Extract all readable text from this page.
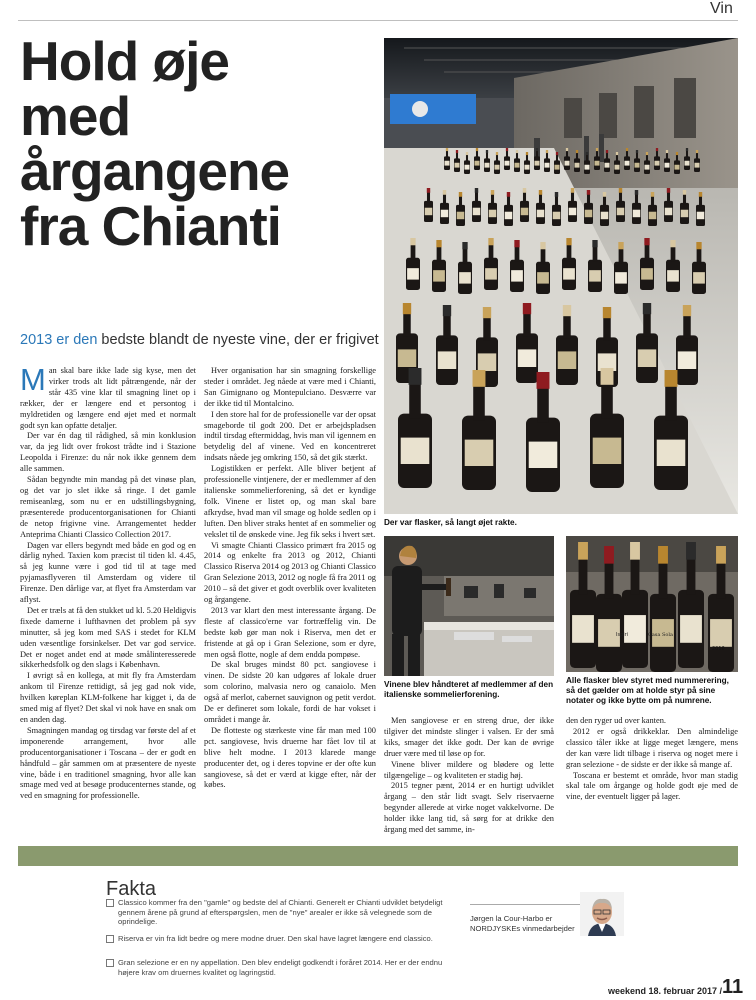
Vin
Hold øje
med
årgangene
fra Chianti
2013 er den bedste blandt de nyeste vine, der er frigivet

Man skal bare ikke lade sig kyse, men det virker trods alt lidt påtrængende, når der står 435 vine klar til smagning linet op i rækker, der er længere end et persontog i myldretiden og længere end øjet med et normalt godt syn kan opfatte detaljer.

Der var én dag til rådighed, så min konklusion var, da jeg lidt over frokost trådte ind i Stazione Leopolda i Firenze: du når nok ikke gennem dem alle sammen.

Sådan begyndte min mandag på det vinøse plan, og det var jo slet ikke så ringe. I det gamle remiseanlæg, som nu er en udstillingsbygning, præsenterede producentorganisationen for Chianti de netop frigivne vine. Arrangementet hedder Anteprima Chianti Classico Collection 2017.

Dagen var ellers begyndt med både en god og en dårlig nyhed. Taxien kom præcist til tiden kl. 4.45, så jeg kunne være i god tid til at tage med pyjamasflyveren til Amsterdam og videre til Firenze. Den dårlige var, at flyet fra Amsterdam var aflyst.

Det er træls at få den stukket ud kl. 5.20 Heldigvis fixede damerne i lufthavnen det problem på syv minutter, så jeg kom med SAS i stedet for KLM uden væsentlige forsinkelser. Det var god service. Det er noget andet end at møde smålinteresserede sikkerhedsfolk og den slags i København.

I øvrigt så en kollega, at mit fly fra Amsterdam ankom til Firenze rettidigt, så jeg gad nok vide, hvilken køreplan KLM-folkene har kigget i, da de smed mig af flyet? Det skal vi nok have en snak om en anden dag.

Smagningen mandag og tirsdag var første del af et imponerende arrangement, hvor alle producentorganisationer i Toscana – der er godt en håndfuld – går sammen om at præsentere de nyeste vine, både i en traditionel smagning, hvor alle kan smage med ved at besøge producenternes stande, og ved en smagning for professionelle.

Hver organisation har sin smagning forskellige steder i området. Jeg nåede at være med i Chianti, San Gimignano og Montepulciano. Desværre var der ikke tid til Montalcino.

I den store hal for de professionelle var der opsat smageborde til godt 200. Det er arbejdspladsen indtil tirsdag eftermiddag, hvis man vil igennem en betydelig del af vinene. Ved en koncentreret indsats nåede jeg omkring 150, så det gik stærkt.

Logistikken er perfekt. Alle bliver betjent af professionelle vintjenere, der er medlemmer af den italienske sommelierforening, så det er kyndige folk. Vinene er listet op, og man skal bare afkrydse, hvad man vil smage og holde sedlen op i luften. Den bliver straks hentet af en sommelier og vekslet til de ønskede vine. Jeg fik seks i hvert sæt.

Vi smagte Chianti Classico primært fra 2015 og 2014 og enkelte fra 2013 og 2012, Chianti Classico Riserva 2014 og 2013 og Chianti Classico Gran Selezione 2013, 2012 og nogle få fra 2011 og 2010 – så det giver et godt overblik over kvaliteten og årgangene.

2013 var klart den mest interessante årgang. De fleste af classico'erne var fortræffelig vin. De bedste køb gør man nok i Riserva, men det er fristende at gå op i Gran Selezione, som er dyre, men også flotte, nogle af dem endda pompøse.

De skal bruges mindst 80 pct. sangiovese i vinen. De sidste 20 kan udgøres af lokale druer som colorino, malvasia nero og canaiolo. Men også af merlot, cabernet sauvignon og petit verdot. De er defineret som lokale, fordi de har vokset i området i mange år.

De flotteste og stærkeste vine får man med 100 pct. sangiovese, hvis druerne har fået lov til at blive helt modne. I 2013 klarede mange producenter det, og i deres topvine er der ofte kun sangiovese, så det er værd at kigge efter, når der købes.

Der var flasker, så langt øjet rakte.
Vinene blev håndteret af medlemmer af den italienske sommelierforening.
Ispiri	Casa Sola
2016
Alle flasker blev styret med nummerering, så det gælder om at holde styr på sine notater og ikke bytte om på numrene.

Men sangiovese er en streng drue, der ikke tilgiver det mindste slinger i valsen. Er der små kiks, smager det ikke godt. Der kan de øvrige druer være med til løse op for.

Vinene bliver mildere og blødere og lette tilgængelige – og kvaliteten er stadig høj.

2015 tegner pænt, 2014 er en hurtigt udviklet årgang – den står lidt svagt. Selv riservaerne begynder allerede at virke noget vakkelvorne. De holder ikke lang tid, så sørg for at drikke den årgang med det samme, in-

den den ryger ud over kanten.

2012 er også drikkeklar. Den almindelige classico tåler ikke at ligge meget længere, mens der kan være lidt tilbage i riserva og noget mere i gran selezione - de sidste er der ikke så mange af.

Toscana er bestemt et område, hvor man stadig skal tale om årgange og holde godt øje med de vine, der eventuelt ligger på lager.

Fakta
Classico kommer fra den "gamle" og bedste del af Chianti. Generelt er Chianti udviklet betydeligt gennem årene på grund af efterspørgslen, men de "nye" arealer er ikke så velegnede som de oprindelige.
Riserva er vin fra lidt bedre og mere modne druer. Den skal have lagret længere end classico.
Gran selezione er en ny appellation. Den blev endeligt godkendt i foråret 2014. Her er der endnu højere krav om druernes kvalitet og lagringstid.
Jørgen la Cour-Harbo er
NORDJYSKEs vinmedarbejder
weekend 18. februar 2017 / 11
